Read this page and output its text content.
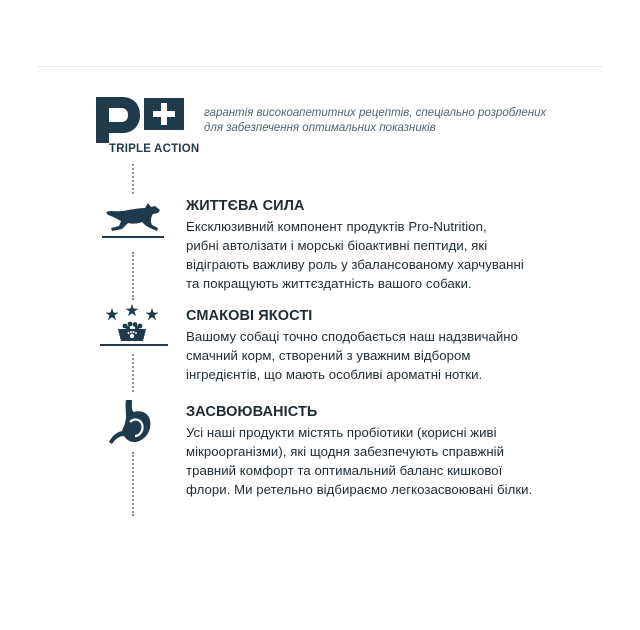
TRIPLE ACTION
гарантія високоапетитних рецептів, спеціально розроблених
для забезпечення оптимальних показників
ЖИТТЄВА СИЛА

Ексклюзивний компонент продуктів Pro-Nutrition,
рибні автолізати і морські біоактивні пептиди, які
відіграють важливу роль у збалансованому харчуванні
та покращують життєздатність вашого собаки.

СМАКОВІ ЯКОСТІ

Вашому собаці точно сподобається наш надзвичайно
смачний корм, створений з уважним відбором
інгредієнтів, що мають особливі ароматні нотки.

ЗАСВОЮВАНІСТЬ

Усі наші продукти містять пробіотики (корисні живі
мікроорганізми), які щодня забезпечують справжній
травний комфорт та оптимальний баланс кишкової
флори. Ми ретельно відбираємо легкозасвоювані білки.
